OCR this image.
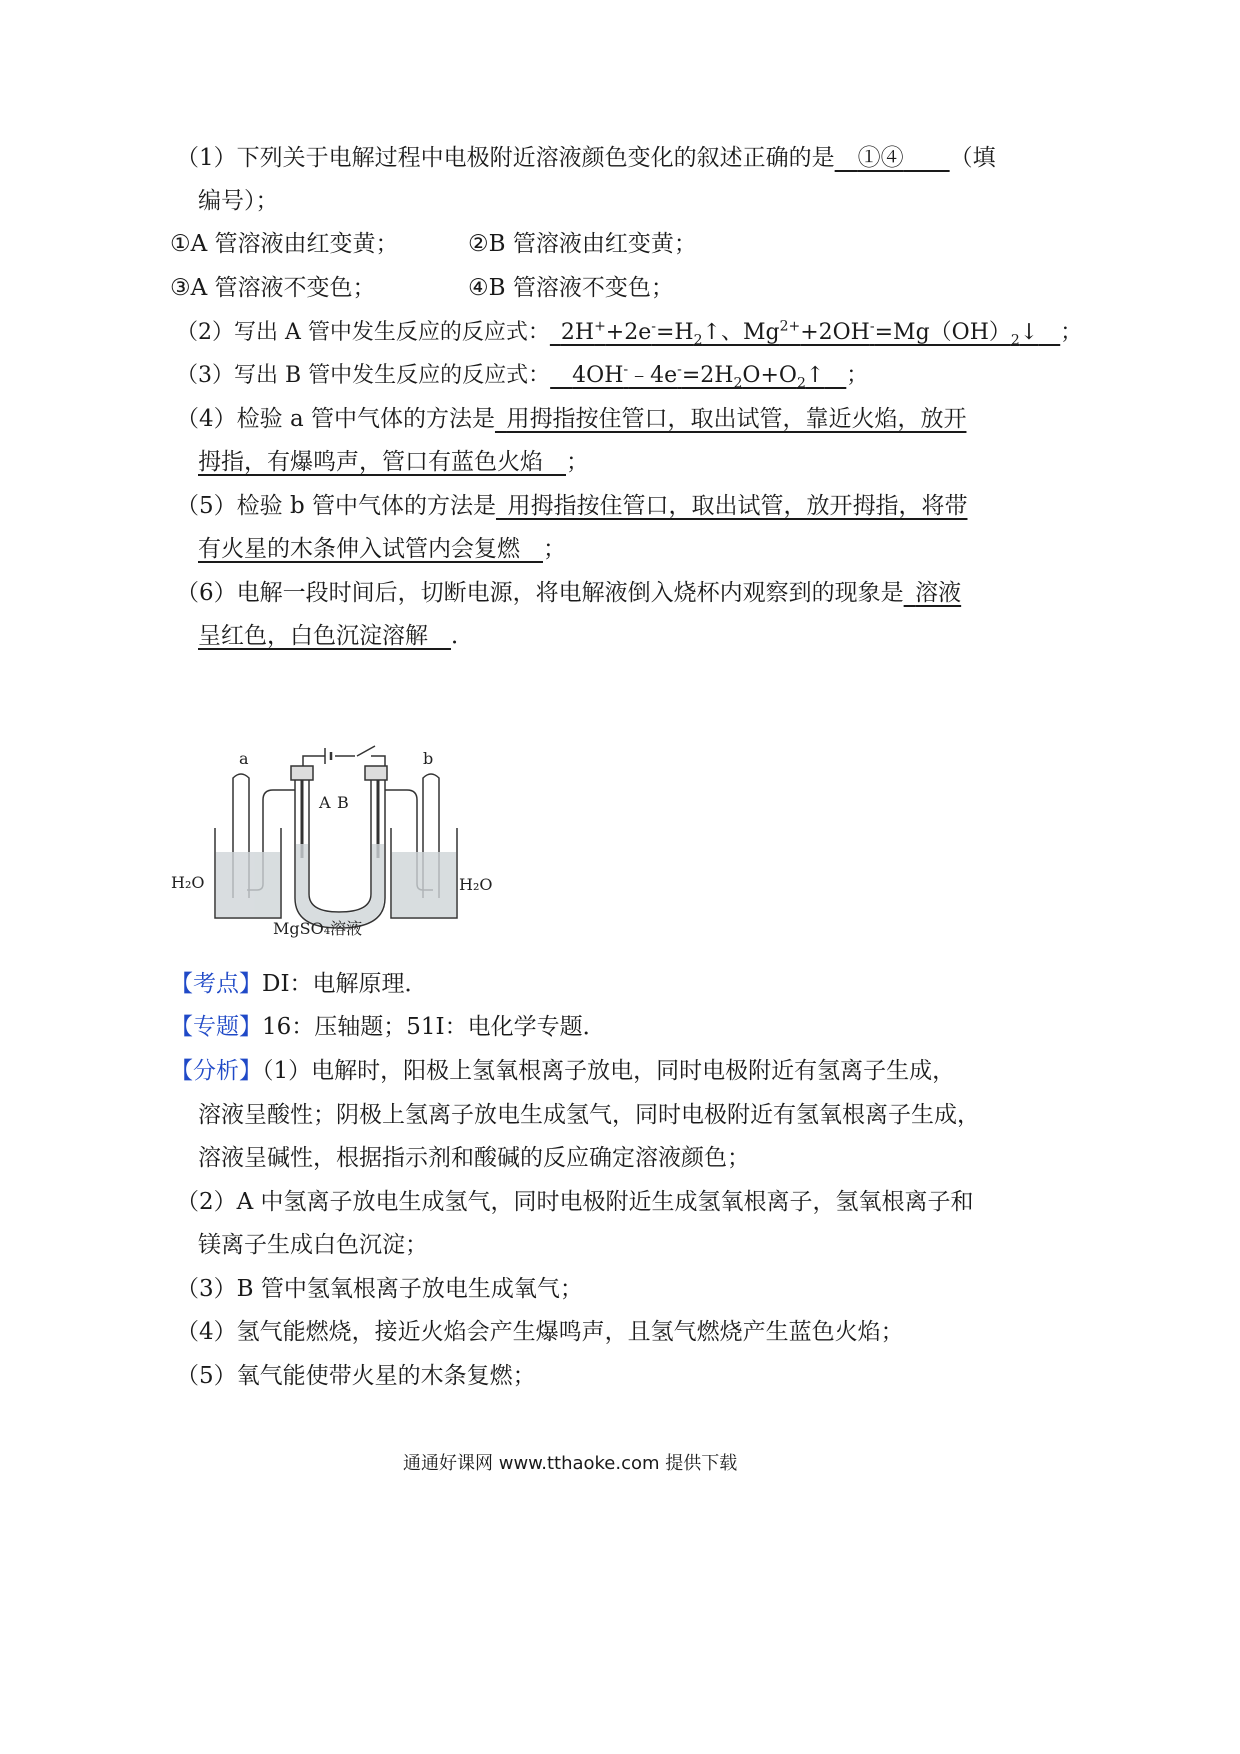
（1）下列关于电解过程中电极附近溶液颜色变化的叙述正确的是  ①④   （填
编号）；
①A 管溶液由红变黄；	②B 管溶液由红变黄；
③A 管溶液不变色；	④B 管溶液不变色；
（2）写出 A 管中发生反应的反应式：  $2H^++2e^-=H_2↑$、$Mg^{2+}+2OH^-=Mg(OH)_2↓$  ；
（3）写出 B 管中发生反应的反应式：   $4OH^-﹣4e^-=2H_2O+O_2↑$  ；
（4）检验 a 管中气体的方法是  用拇指按住管口，取出试管，靠近火焰，放开
拇指，有爆鸣声，管口有蓝色火焰  ；
（5）检验 b 管中气体的方法是  用拇指按住管口，取出试管，放开拇指，将带
有火星的木条伸入试管内会复燃  ；
（6）电解一段时间后，切断电源，将电解液倒入烧杯内观察到的现象是  溶液
呈红色，白色沉淀溶解  ．
a	b
A B
H₂O	H₂O
MgSO₄溶液
【考点】DI：电解原理．
【专题】16：压轴题；51I：电化学专题．
【分析】（1）电解时，阳极上氢氧根离子放电，同时电极附近有氢离子生成，
溶液呈酸性；阴极上氢离子放电生成氢气，同时电极附近有氢氧根离子生成，
溶液呈碱性，根据指示剂和酸碱的反应确定溶液颜色；
（2）A 中氢离子放电生成氢气，同时电极附近生成氢氧根离子，氢氧根离子和
镁离子生成白色沉淀；
（3）B 管中氢氧根离子放电生成氧气；
（4）氢气能燃烧，接近火焰会产生爆鸣声，且氢气燃烧产生蓝色火焰；
（5）氧气能使带火星的木条复燃；
通通好课网 www.tthaoke.com 提供下载
